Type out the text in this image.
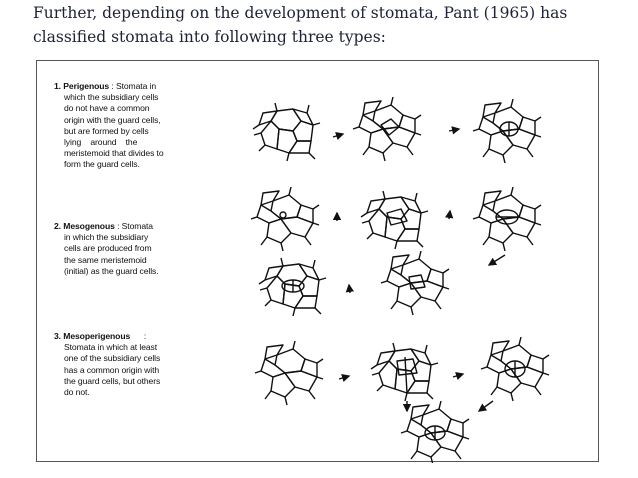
Further, depending on the development of stomata, Pant (1965) has
classified stomata into following three types:
1. Perigenous : Stomata in
which the subsidiary cells
do not have a common
origin with the guard cells,
but are formed by cells
lying    around    the
meristemoid that divides to
form the guard cells.
2. Mesogenous : Stomata
in which the subsidiary
cells are produced from
the same meristemoid
(initial) as the guard cells.
3. Mesoperigenous      :
Stomata in which at least
one of the subsidiary cells
has a common origin with
the guard cells, but others
do not.
